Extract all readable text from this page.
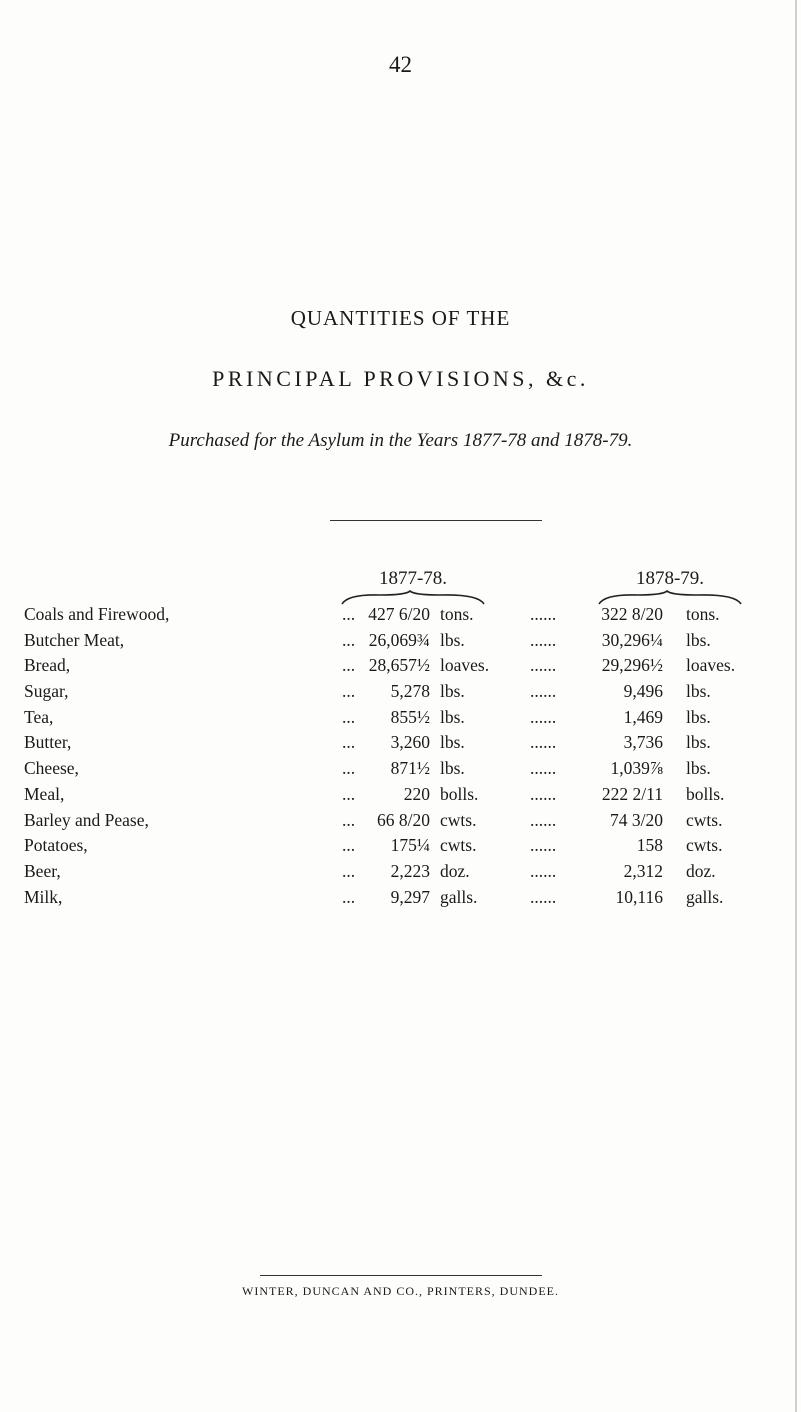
42
QUANTITIES OF THE
PRINCIPAL PROVISIONS, &c.
Purchased for the Asylum in the Years 1877-78 and 1878-79.
1877-78.	1878-79.
Coals and Firewood,	... 427 6/20 tons.	......	322 8/20 tons.
Butcher Meat,	... 26,069¾ lbs.	......	30,296¼ lbs.
Bread,	... 28,657½ loaves. ......	29,296½ loaves.
Sugar,	...	5,278 lbs.	......	9,496 lbs.
Tea,	...	855½ lbs.	......	1,469 lbs.
Butter,	...	3,260 lbs.	......	3,736 lbs.
Cheese,	...	871½ lbs.	......	1,039⅞ lbs.
Meal,	...	220 bolls.	......	222 2/11 bolls.
Barley and Pease,	...	66 8/20 cwts.	......	74 3/20 cwts.
Potatoes,	...	175¼ cwts.	......	158 cwts.
Beer,	...	2,223 doz.	......	2,312 doz.
Milk,	...	9,297 galls.	......	10,116 galls.
WINTER, DUNCAN AND CO., PRINTERS, DUNDEE.
